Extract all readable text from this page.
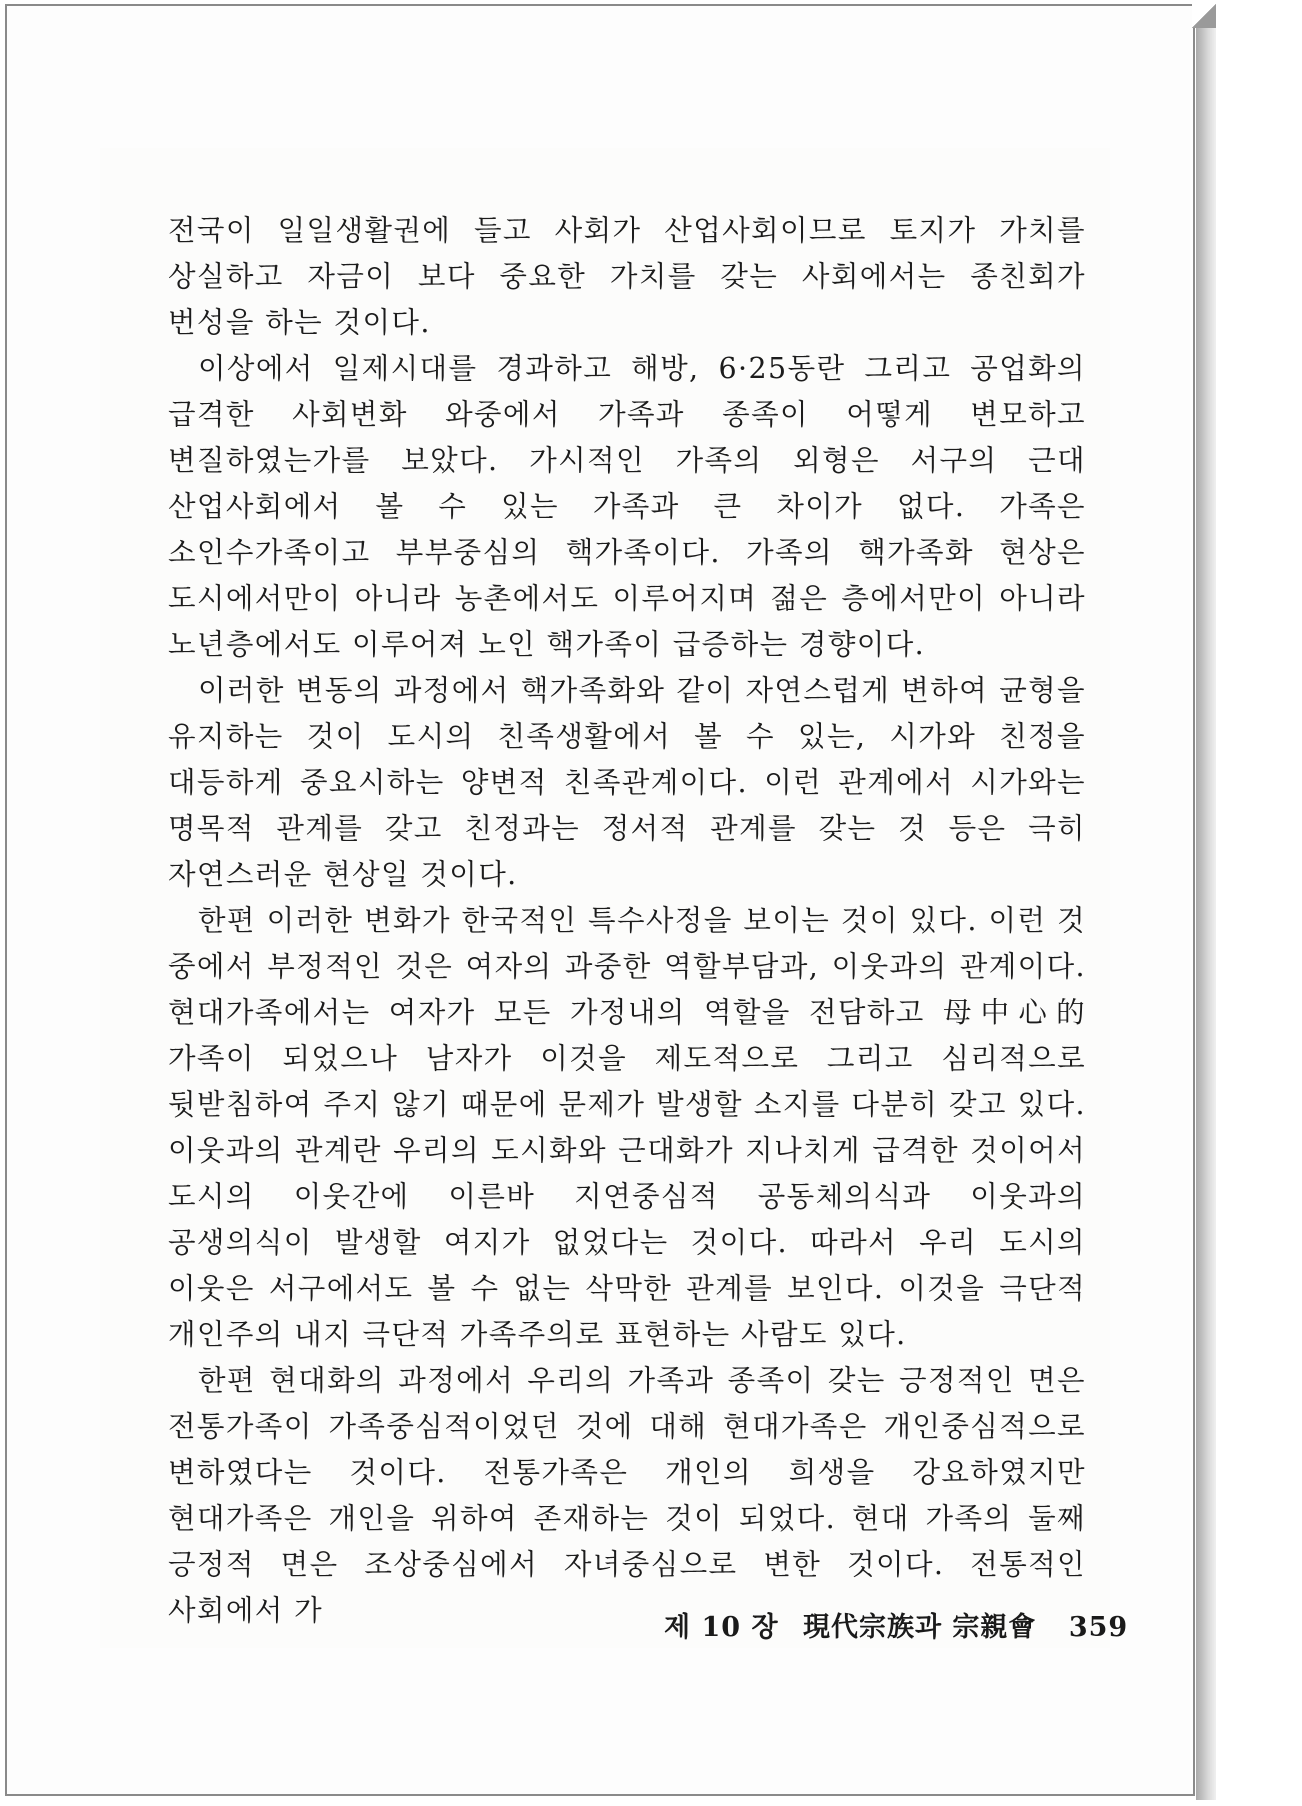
전국이 일일생활권에 들고 사회가 산업사회이므로 토지가 가치를 상실하고 자금이 보다 중요한 가치를 갖는 사회에서는 종친회가 번성을 하는 것이다.

이상에서 일제시대를 경과하고 해방, 6·25동란 그리고 공업화의 급격한 사회변화 와중에서 가족과 종족이 어떻게 변모하고 변질하였는가를 보았다. 가시적인 가족의 외형은 서구의 근대 산업사회에서 볼 수 있는 가족과 큰 차이가 없다. 가족은 소인수가족이고 부부중심의 핵가족이다. 가족의 핵가족화 현상은 도시에서만이 아니라 농촌에서도 이루어지며 젊은 층에서만이 아니라 노년층에서도 이루어져 노인 핵가족이 급증하는 경향이다.

이러한 변동의 과정에서 핵가족화와 같이 자연스럽게 변하여 균형을 유지하는 것이 도시의 친족생활에서 볼 수 있는, 시가와 친정을 대등하게 중요시하는 양변적 친족관계이다. 이런 관계에서 시가와는 명목적 관계를 갖고 친정과는 정서적 관계를 갖는 것 등은 극히 자연스러운 현상일 것이다.

한편 이러한 변화가 한국적인 특수사정을 보이는 것이 있다. 이런 것 중에서 부정적인 것은 여자의 과중한 역할부담과, 이웃과의 관계이다. 현대가족에서는 여자가 모든 가정내의 역할을 전담하고 母中心的 가족이 되었으나 남자가 이것을 제도적으로 그리고 심리적으로 뒷받침하여 주지 않기 때문에 문제가 발생할 소지를 다분히 갖고 있다. 이웃과의 관계란 우리의 도시화와 근대화가 지나치게 급격한 것이어서 도시의 이웃간에 이른바 지연중심적 공동체의식과 이웃과의 공생의식이 발생할 여지가 없었다는 것이다. 따라서 우리 도시의 이웃은 서구에서도 볼 수 없는 삭막한 관계를 보인다. 이것을 극단적 개인주의 내지 극단적 가족주의로 표현하는 사람도 있다.

한편 현대화의 과정에서 우리의 가족과 종족이 갖는 긍정적인 면은 전통가족이 가족중심적이었던 것에 대해 현대가족은 개인중심적으로 변하였다는 것이다. 전통가족은 개인의 희생을 강요하였지만 현대가족은 개인을 위하여 존재하는 것이 되었다. 현대 가족의 둘째 긍정적 면은 조상중심에서 자녀중심으로 변한 것이다. 전통적인 사회에서 가

제 10 장 現代宗族과 宗親會 359
